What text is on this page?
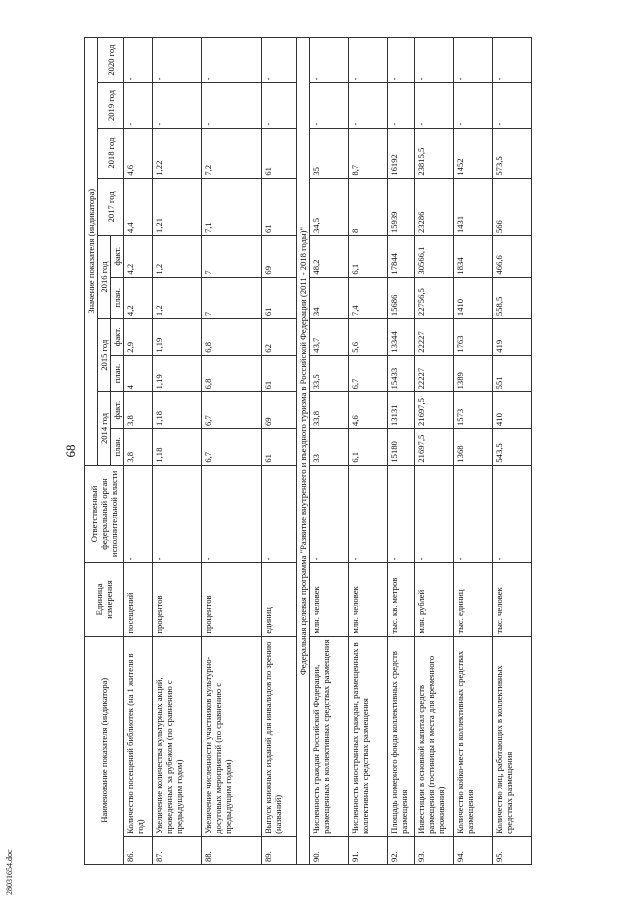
68
Наименование показателя (индикатора)		Единица измерения	Ответственный федеральный орган исполнительной власти	Значение показателя (индикатора)									
				2014 год		2015 год		2016 год		2017 год	2018 год	2019 год	2020 год
				план.	факт.	план.	факт.	план.	факт.				
86.	Количество посещений библиотек (на 1 жителя в год)	посещений	-	3,8	3,8	4	2,9	4,2	4,2	4,4	4,6	-	-
87.	Увеличение количества культурных акций, проведенных за рубежом (по сравнению с предыдущим годом)	процентов	-	1,18	1,18	1,19	1,19	1,2	1,2	1,21	1,22	-	-
88.	Увеличение численности участников культурно-досуговых мероприятий (по сравнению с предыдущим годом)	процентов	-	6,7	6,7	6,8	6,8	7	7	7,1	7,2	-	-
89.	Выпуск книжных изданий для инвалидов по зрению (названий)	единиц	-	61	69	61	62	61	69	61	61	-	-
Федеральная целевая программа "Развитие внутреннего и въездного туризма в Российской Федерации (2011 - 2018 годы)"													
90.	Численность граждан Российской Федерации, размещенных в коллективных средствах размещения	млн. человек	-	33	33,8	33,5	43,7	34	48,2	34,5	35	-	-
91.	Численность иностранных граждан, размещенных в коллективных средствах размещения	млн. человек	-	6,1	4,6	6,7	5,6	7,4	6,1	8	8,7	-	-
92.	Площадь номерного фонда коллективных средств размещения	тыс. кв. метров	-	15180	13131	15433	13344	15686	17844	15939	16192	-	-
93.	Инвестиции в основной капитал средств размещения (гостиницы и места для временного проживания)	млн. рублей	-	21697,5	21697,5	22227	22227	22756,5	30566,1	23286	23815,5	-	-
94.	Количество койко-мест в коллективных средствах размещения	тыс. единиц	-	1368	1573	1389	1763	1410	1834	1431	1452	-	-
95.	Количество лиц, работающих в коллективных средствах размещения	тыс. человек	-	543,5	410	551	419	558,5	466,6	566	573,5	-	-
28031654.doc
